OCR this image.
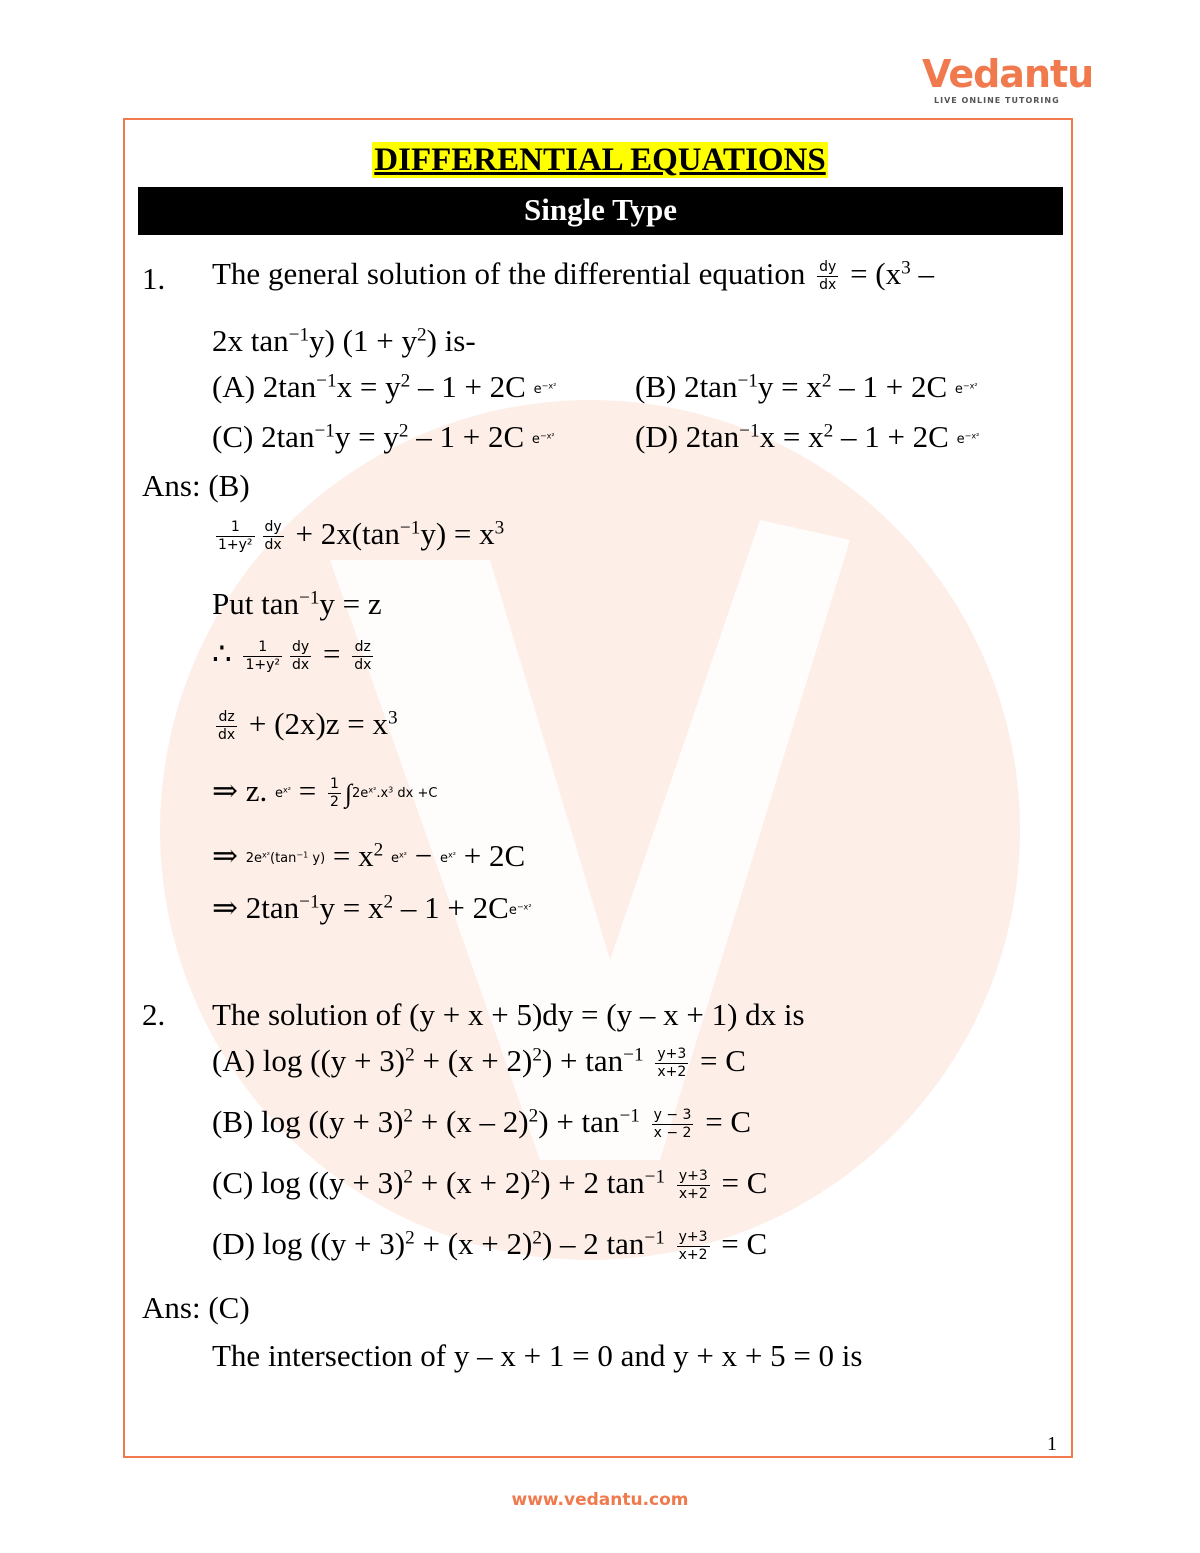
Vedantu
LIVE ONLINE TUTORING
DIFFERENTIAL EQUATIONS
Single Type
1. The general solution of the differential equation $\frac{dy}{dx} = (x^3$ –
2x $\tan^{-1}y$) $(1 + y^2)$ is-
(A) $2\tan^{-1}x = y^2 - 1 + 2C$ $e^{-x^2}$	(B) $2\tan^{-1}y = x^2 - 1 + 2C$ $e^{-x^2}$
(C) $2\tan^{-1}y = y^2 - 1 + 2C$ $e^{-x^2}$	(D) $2\tan^{-1}x = x^2 - 1 + 2C$ $e^{-x^2}$
Ans: (B)
$\frac{1}{\text{1+y²}} \frac{dy}{dx} + 2x(\tan^{-1}y) = x^3$
Put $\tan^{-1}y = z$
∴ $\frac{1}{\text{1+y²}} \frac{dy}{dx} = \frac{dz}{dx}$
$\frac{dz}{dx} + (2x)z = x^3$
⇒ z. $e^{x^2} = \frac{1}{2} \int 2e^{x^2}.x^3$ dx +C
⇒ $2e^{x^2}(\tan^{-1}$ $y) = x^2$ $e^{x^2} - e^{x^2} + 2C$
⇒ $2\tan^{-1}y = x^2 - 1 + 2Ce^{-x^2}$
2. The solution of (y + x + 5)dy = (y – x + 1) dx is
(A) $\log ((y + 3)^2 + (x + 2)^2) + \tan^{-1} \frac{y+3}{x+2} = C$
(B) $\log ((y + 3)^2 + (x - 2)^2) + \tan^{-1} \frac{y - 3}{x - 2} = C$
(C) $\log ((y + 3)^2 + (x + 2)^2) + 2$ $\tan^{-1} \frac{y+3}{x+2} = C$
(D) $\log ((y + 3)^2 + (x + 2)^2) - 2$ $\tan^{-1} \frac{y+3}{x+2} = C$
Ans: (C)
The intersection of y – x + 1 = 0 and y + x + 5 = 0 is
1
www.vedantu.com
